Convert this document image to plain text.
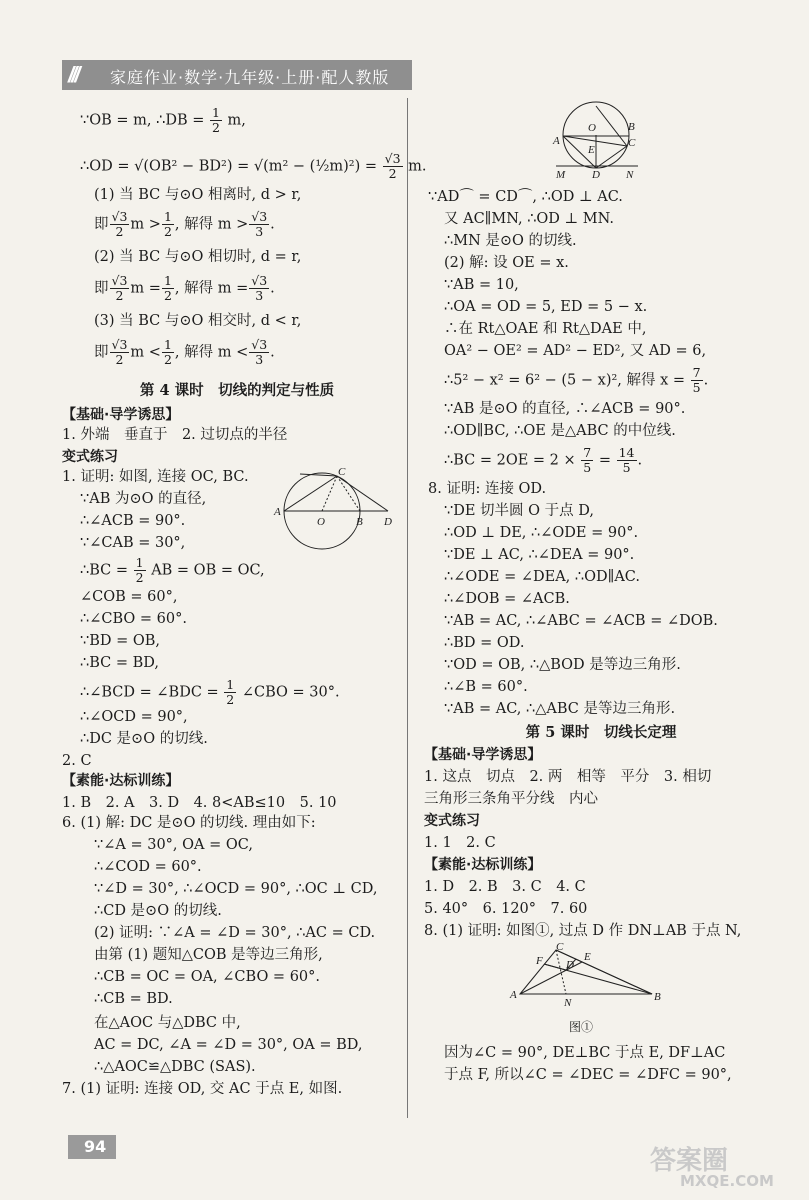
/// 家庭作业·数学·九年级·上册·配人教版
∵OB = m, ∴DB = $\frac{1}{2} m$,
∴OD = √(OB² − BD²) = √(m² − (½m)²) = $\frac{√3}{2} m$.
(1) 当 BC 与⊙O 相离时, d > r,
即 $\frac{√3}{2}$ $m > \frac{1}{2}$ , 解得 $m > \frac{√3}{3}$ .
(2) 当 BC 与⊙O 相切时, d = r,
即 $\frac{√3}{2}$ $m = \frac{1}{2}$ , 解得 $m = \frac{√3}{3}$ .
(3) 当 BC 与⊙O 相交时, d < r,
即 $\frac{√3}{2}$ $m < \frac{1}{2}$ , 解得 $m < \frac{√3}{3}$ .
第 4 课时　切线的判定与性质
【基础·导学诱思】
1. 外端　垂直于　2. 过切点的半径
变式练习
1. 证明: 如图, 连接 OC, BC.
∵AB 为⊙O 的直径,
∴∠ACB = 90°.
∵∠CAB = 30°,
∴BC = $\frac{1}{2}$ AB = OB = OC,
∠COB = 60°,
∴∠CBO = 60°.
∵BD = OB,
∴BC = BD,
∴∠BCD = ∠BDC = $\frac{1}{2}$ ∠CBO = 30°.
∴∠OCD = 90°,
∴DC 是⊙O 的切线.
2. C
【素能·达标训练】
1. B　2. A　3. D　4. 8<AB≤10　5. 10
6. (1) 解: DC 是⊙O 的切线. 理由如下:
∵∠A = 30°, OA = OC,
∴∠COD = 60°.
∵∠D = 30°, ∴∠OCD = 90°, ∴OC ⊥ CD,
∴CD 是⊙O 的切线.
(2) 证明: ∵∠A = ∠D = 30°, ∴AC = CD.
由第 (1) 题知△COB 是等边三角形,
∴CB = OC = OA, ∠CBO = 60°.
∴CB = BD.
在△AOC 与△DBC 中,
AC = DC, ∠A = ∠D = 30°, OA = BD,
∴△AOC≌△DBC (SAS).
7. (1) 证明: 连接 OD, 交 AC 于点 E, 如图.
A
O	B
C
D
O
A	C
E
B
M D N
∵AD⌒ = CD⌒, ∴OD ⊥ AC.
又 AC∥MN, ∴OD ⊥ MN.
∴MN 是⊙O 的切线.
(2) 解: 设 OE = x.
∵AB = 10,
∴OA = OD = 5, ED = 5 − x.
∴在 Rt△OAE 和 Rt△DAE 中,
OA² − OE² = AD² − ED², 又 AD = 6,
∴5² − x² = 6² − (5 − x)², 解得 $x = \frac{7}{5}$ .
∵AB 是⊙O 的直径, ∴∠ACB = 90°.
∴OD∥BC, ∴OE 是△ABC 的中位线.
∴BC = $2OE = 2 \times \frac{7}{5} = \frac{14}{5}$ .
8. 证明: 连接 OD.
∵DE 切半圆 O 于点 D,
∴OD ⊥ DE, ∴∠ODE = 90°.
∵DE ⊥ AC, ∴∠DEA = 90°.
∴∠ODE = ∠DEA, ∴OD∥AC.
∴∠DOB = ∠ACB.
∵AB = AC, ∴∠ABC = ∠ACB = ∠DOB.
∴BD = OD.
∵OD = OB, ∴△BOD 是等边三角形.
∴∠B = 60°.
∵AB = AC, ∴△ABC 是等边三角形.
第 5 课时　切线长定理
【基础·导学诱思】
1. 这点　切点　2. 两　相等　平分　3. 相切
三角形三条角平分线　内心
变式练习
1. 1　2. C
【素能·达标训练】
1. D　2. B　3. C　4. C
5. 40°　6. 120°　7. 60
8. (1) 证明: 如图①, 过点 D 作 DN⊥AB 于点 N,
图①
因为∠C = 90°, DE⊥BC 于点 E, DF⊥AC
于点 F, 所以∠C = ∠DEC = ∠DFC = 90°,
C
F	E
D
A
N	B
94	答案圈
MXQE.COM
